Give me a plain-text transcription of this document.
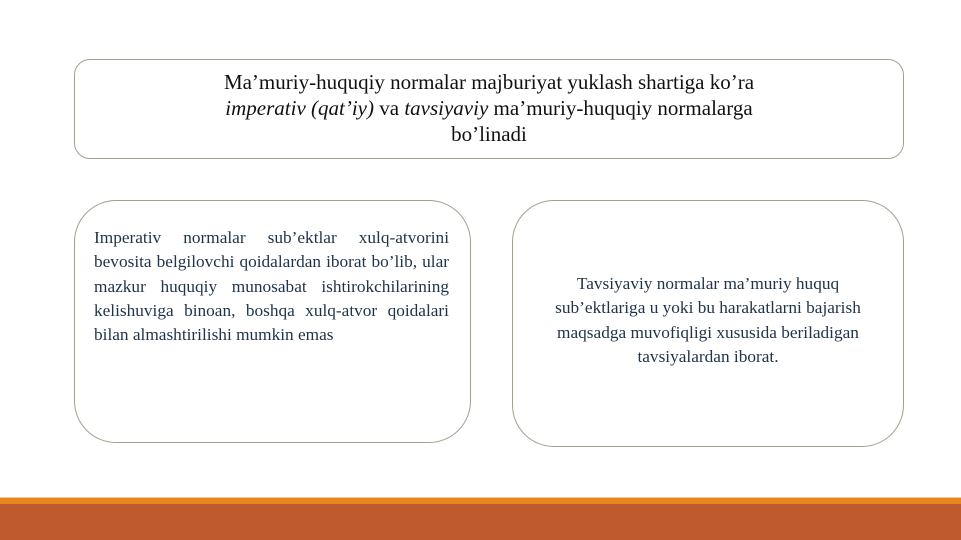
Ma’muriy-huquqiy normalar majburiyat yuklash shartiga ko’ra
imperativ (qat’iy) va tavsiyaviy ma’muriy-huquqiy normalarga
bo’linadi
Imperativ normalar sub’ektlar xulq-atvorini bevosita belgilovchi qoidalardan iborat bo’lib, ular mazkur huquqiy munosabat ishtirokchilarining kelishuviga binoan, boshqa xulq-atvor qoidalari bilan almashtirilishi mumkin emas
Tavsiyaviy normalar ma’muriy huquq sub’ektlariga u yoki bu harakatlarni bajarish maqsadga muvofiqligi xususida beriladigan tavsiyalardan iborat.
